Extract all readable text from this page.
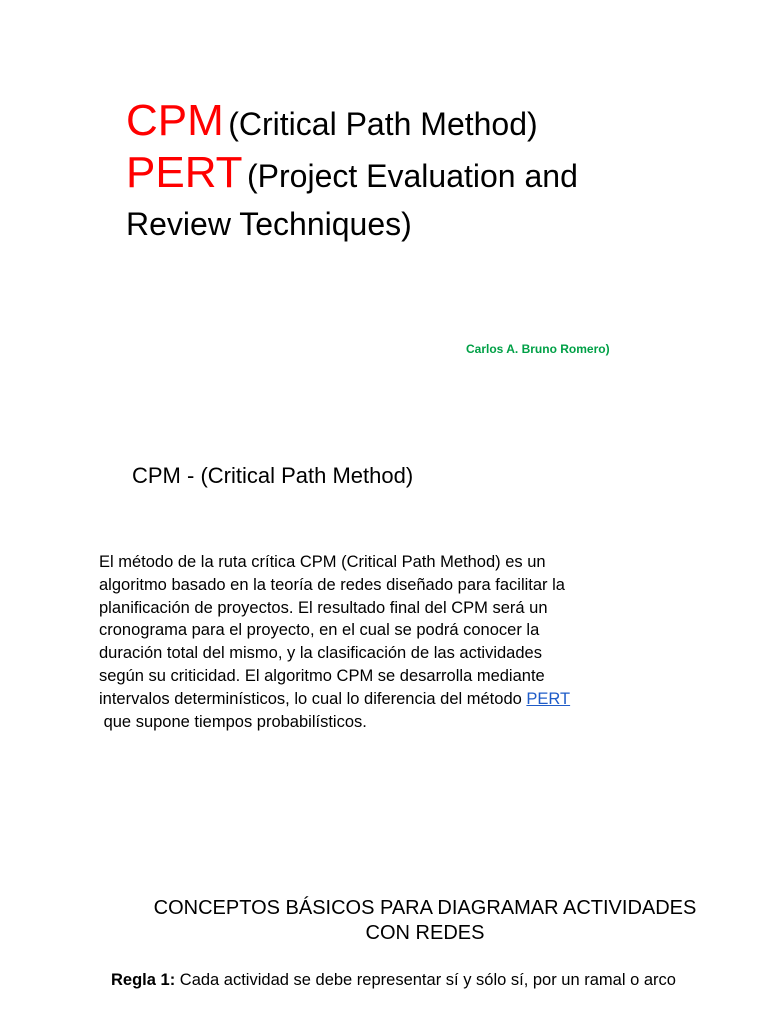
CPM (Critical Path Method)
PERT (Project Evaluation and
Review Techniques)
Carlos A. Bruno Romero)
CPM - (Critical Path Method)
El método de la ruta crítica CPM (Critical Path Method) es un
algoritmo basado en la teoría de redes diseñado para facilitar la
planificación de proyectos. El resultado final del CPM será un
cronograma para el proyecto, en el cual se podrá conocer la
duración total del mismo, y la clasificación de las actividades
según su criticidad. El algoritmo CPM se desarrolla mediante
intervalos determinísticos, lo cual lo diferencia del método PERT
que supone tiempos probabilísticos.
CONCEPTOS BÁSICOS PARA DIAGRAMAR ACTIVIDADES
CON REDES
Regla 1: Cada actividad se debe representar sí y sólo sí, por un ramal o arco
